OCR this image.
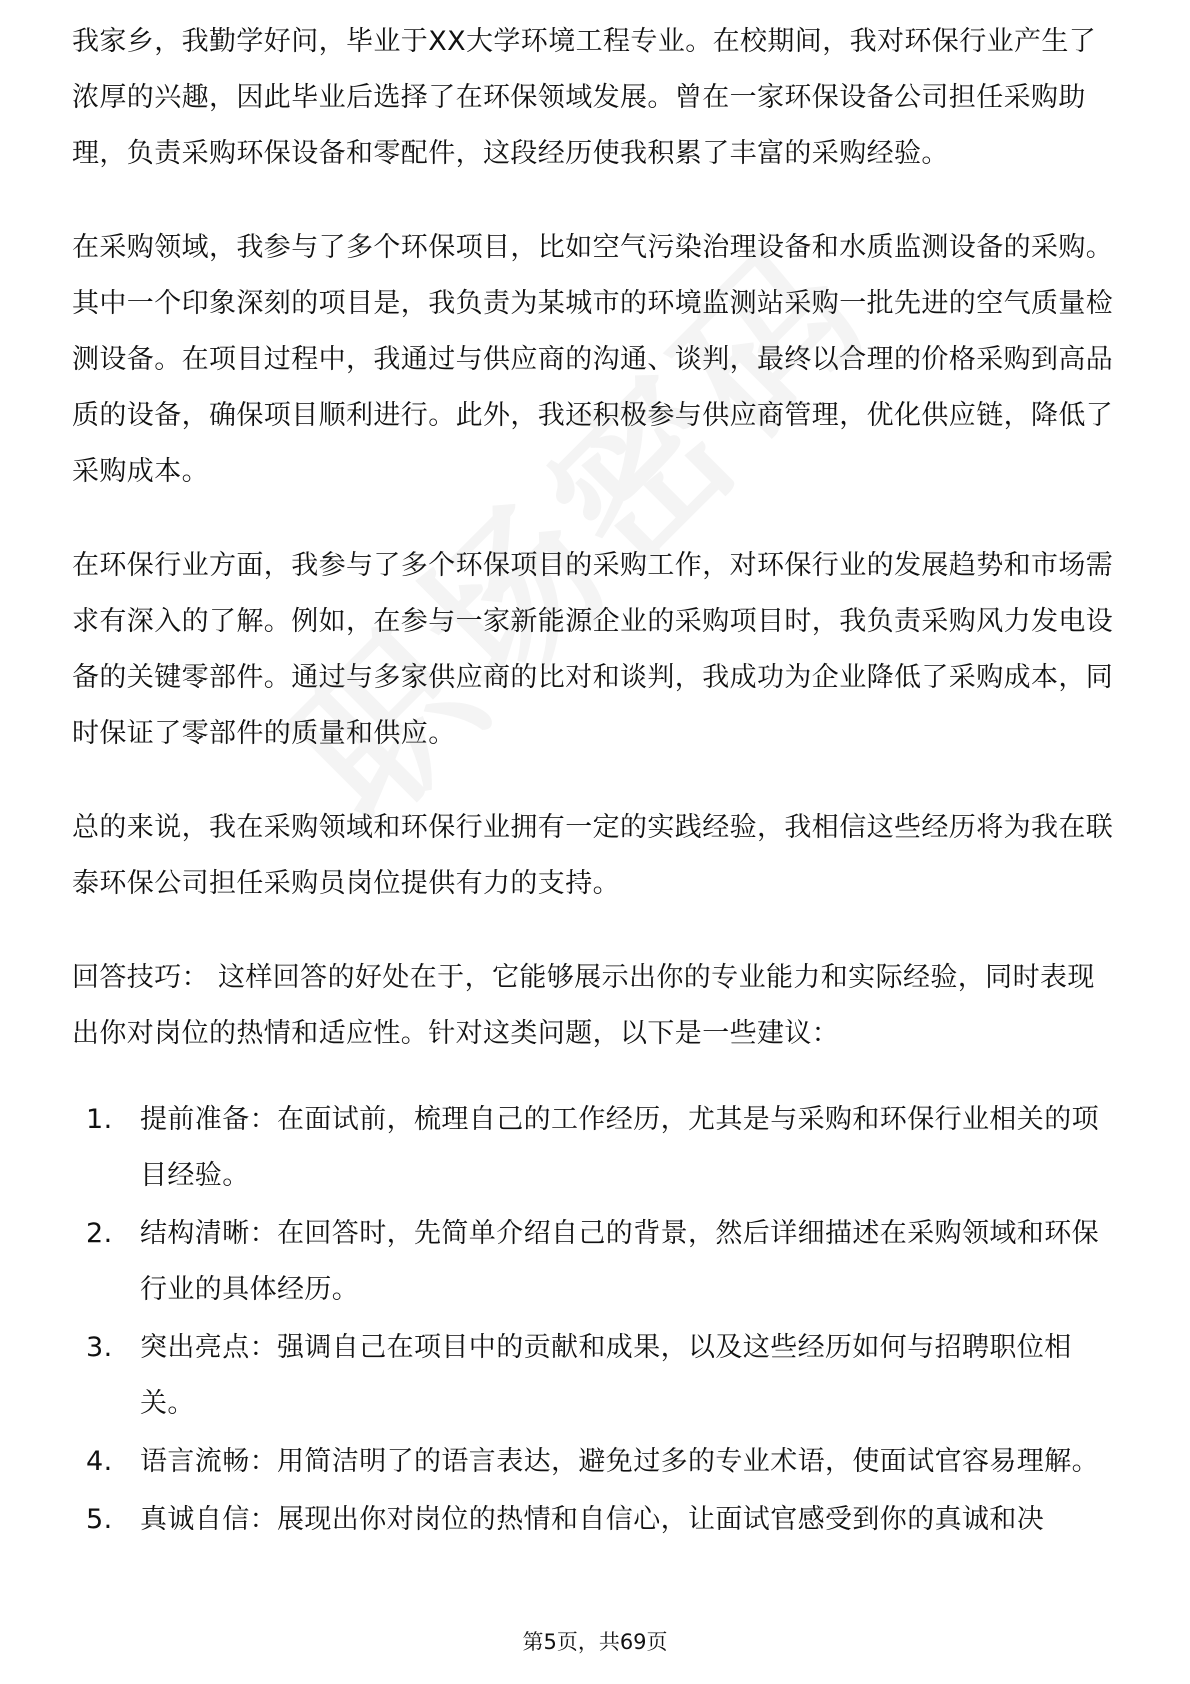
我家乡，我勤学好问，毕业于XX大学环境工程专业。在校期间，我对环保行业产生了浓厚的兴趣，因此毕业后选择了在环保领域发展。曾在一家环保设备公司担任采购助理，负责采购环保设备和零配件，这段经历使我积累了丰富的采购经验。

在采购领域，我参与了多个环保项目，比如空气污染治理设备和水质监测设备的采购。其中一个印象深刻的项目是，我负责为某城市的环境监测站采购一批先进的空气质量检测设备。在项目过程中，我通过与供应商的沟通、谈判，最终以合理的价格采购到高品质的设备，确保项目顺利进行。此外，我还积极参与供应商管理，优化供应链，降低了采购成本。

在环保行业方面，我参与了多个环保项目的采购工作，对环保行业的发展趋势和市场需求有深入的了解。例如，在参与一家新能源企业的采购项目时，我负责采购风力发电设备的关键零部件。通过与多家供应商的比对和谈判，我成功为企业降低了采购成本，同时保证了零部件的质量和供应。

总的来说，我在采购领域和环保行业拥有一定的实践经验，我相信这些经历将为我在联泰环保公司担任采购员岗位提供有力的支持。

回答技巧： 这样回答的好处在于，它能够展示出你的专业能力和实际经验，同时表现出你对岗位的热情和适应性。针对这类问题，以下是一些建议：

1.	提前准备：在面试前，梳理自己的工作经历，尤其是与采购和环保行业相关的项目经验。
2.	结构清晰：在回答时，先简单介绍自己的背景，然后详细描述在采购领域和环保行业的具体经历。
3.	突出亮点：强调自己在项目中的贡献和成果，以及这些经历如何与招聘职位相关。
4.	语言流畅：用简洁明了的语言表达，避免过多的专业术语，使面试官容易理解。
5.	真诚自信：展现出你对岗位的热情和自信心，让面试官感受到你的真诚和决
第5页，共69页
